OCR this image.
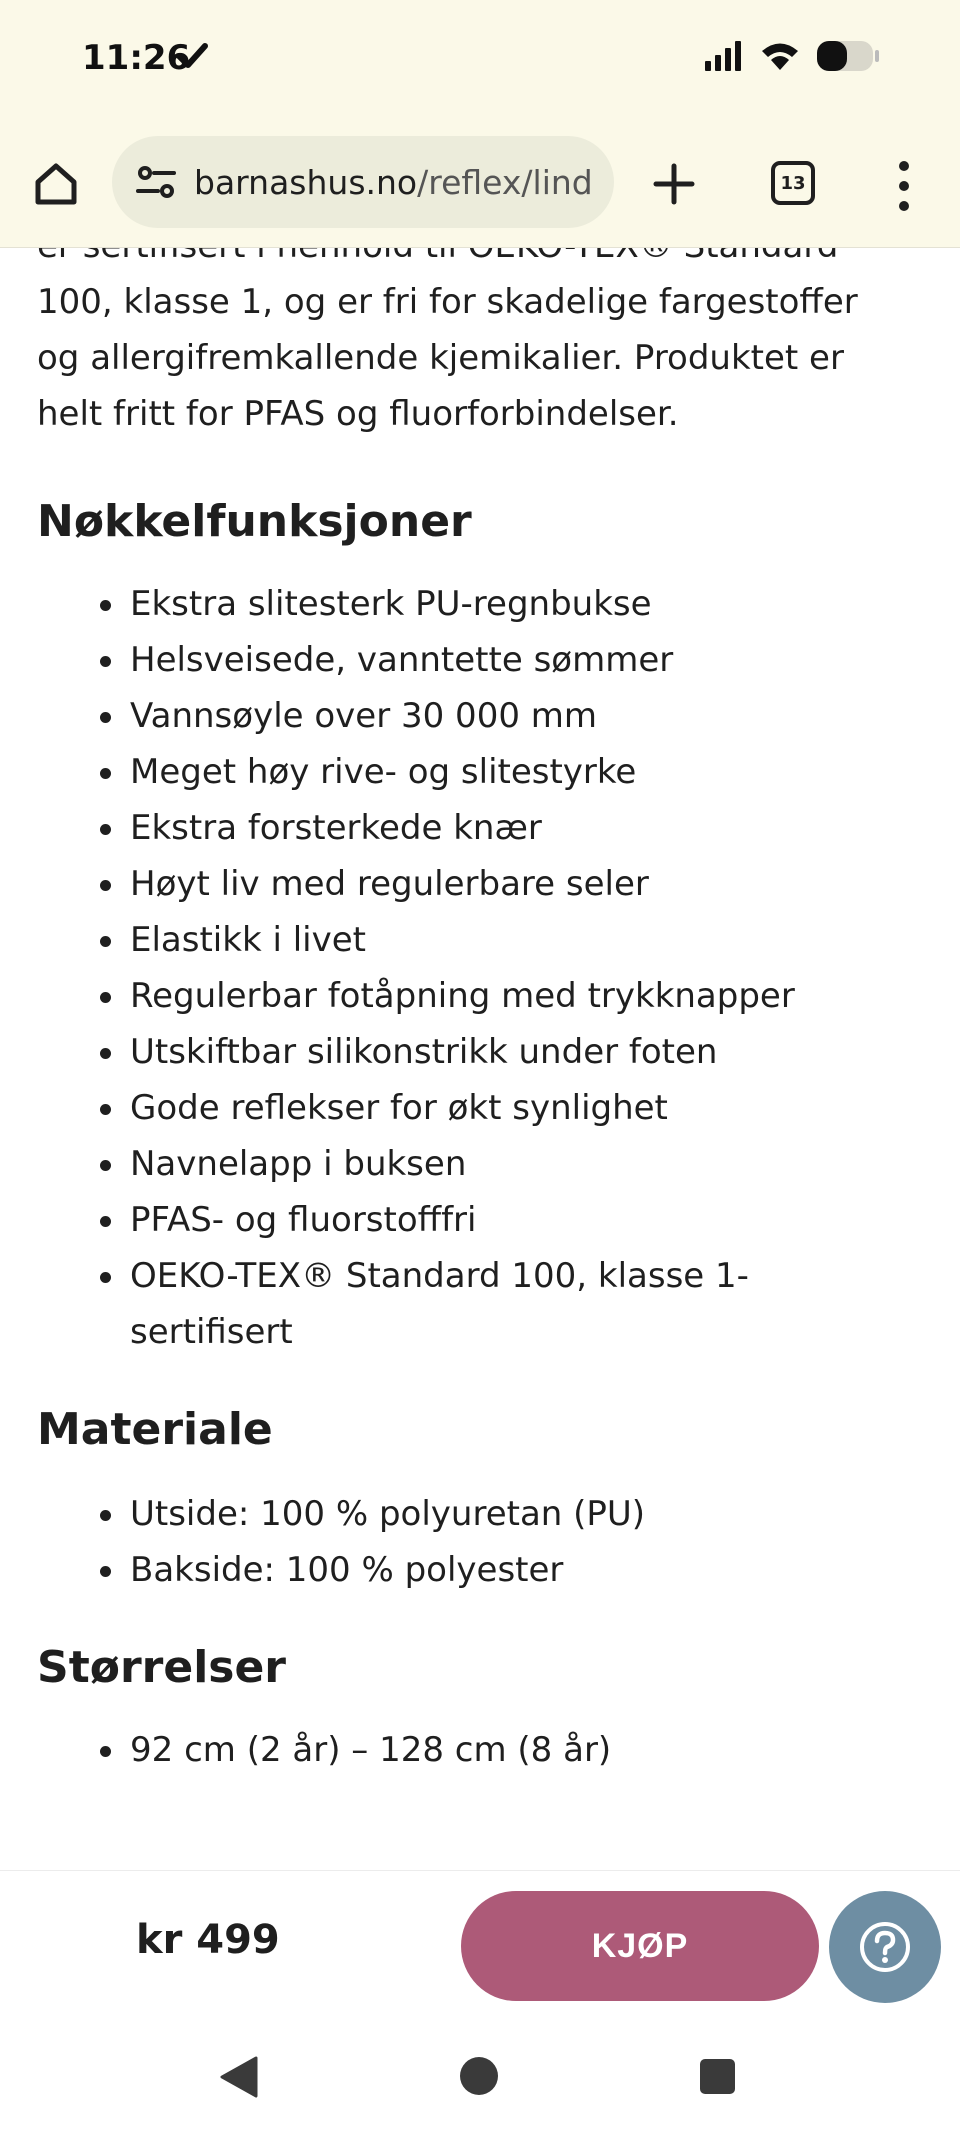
11:26
barnashus.no/reflex/lind	13
100, klasse 1, og er fri for skadelige fargestoffer
og allergifremkallende kjemikalier. Produktet er
helt fritt for PFAS og fluorforbindelser.
Nøkkelfunksjoner
Ekstra slitesterk PU-regnbukse
Helsveisede, vanntette sømmer
Vannsøyle over 30 000 mm
Meget høy rive- og slitestyrke
Ekstra forsterkede knær
Høyt liv med regulerbare seler
Elastikk i livet
Regulerbar fotåpning med trykknapper
Utskiftbar silikonstrikk under foten
Gode reflekser for økt synlighet
Navnelapp i buksen
PFAS- og fluorstofffri
OEKO-TEX® Standard 100, klasse 1-
sertifisert
Materiale
Utside: 100 % polyuretan (PU)
Bakside: 100 % polyester
Størrelser
92 cm (2 år) – 128 cm (8 år)
kr 499	KJØP
